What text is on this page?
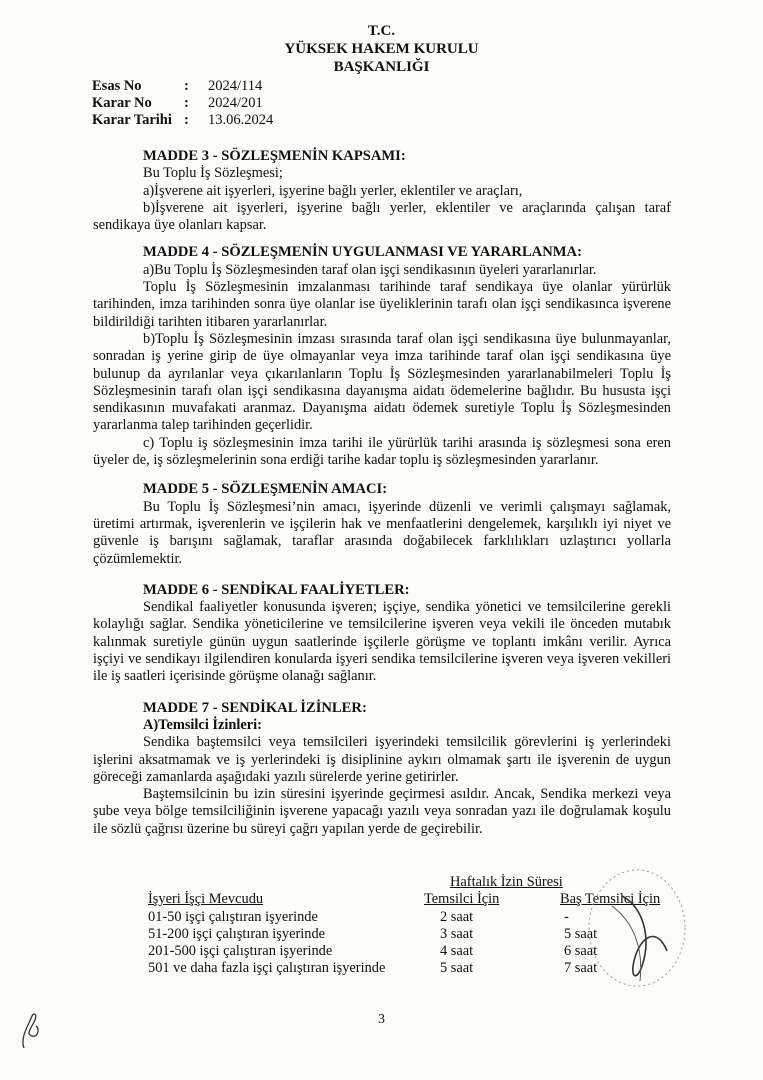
T.C.
YÜKSEK HAKEM KURULU
BAŞKANLIĞI
Esas No	:	2024/114
Karar No	:	2024/201
Karar Tarihi :	13.06.2024

MADDE 3 - SÖZLEŞMENİN KAPSAMI:

Bu Toplu İş Sözleşmesi;

a)İşverene ait işyerleri, işyerine bağlı yerler, eklentiler ve araçları,

b)İşverene ait işyerleri, işyerine bağlı yerler, eklentiler ve araçlarında çalışan taraf sendikaya üye olanları kapsar.

MADDE 4 - SÖZLEŞMENİN UYGULANMASI VE YARARLANMA:

a)Bu Toplu İş Sözleşmesinden taraf olan işçi sendikasının üyeleri yararlanırlar.

Toplu İş Sözleşmesinin imzalanması tarihinde taraf sendikaya üye olanlar yürürlük tarihinden, imza tarihinden sonra üye olanlar ise üyeliklerinin tarafı olan işçi sendikasınca işverene bildirildiği tarihten itibaren yararlanırlar.

b)Toplu İş Sözleşmesinin imzası sırasında taraf olan işçi sendikasına üye bulunmayanlar, sonradan iş yerine girip de üye olmayanlar veya imza tarihinde taraf olan işçi sendikasına üye bulunup da ayrılanlar veya çıkarılanların Toplu İş Sözleşmesinden yararlanabilmeleri Toplu İş Sözleşmesinin tarafı olan işçi sendikasına dayanışma aidatı ödemelerine bağlıdır. Bu hususta işçi sendikasının muvafakati aranmaz. Dayanışma aidatı ödemek suretiyle Toplu İş Sözleşmesinden yararlanma talep tarihinden geçerlidir.

c) Toplu iş sözleşmesinin imza tarihi ile yürürlük tarihi arasında iş sözleşmesi sona eren üyeler de, iş sözleşmelerinin sona erdiği tarihe kadar toplu iş sözleşmesinden yararlanır.

MADDE 5 - SÖZLEŞMENİN AMACI:

Bu Toplu İş Sözleşmesi’nin amacı, işyerinde düzenli ve verimli çalışmayı sağlamak, üretimi artırmak, işverenlerin ve işçilerin hak ve menfaatlerini dengelemek, karşılıklı iyi niyet ve güvenle iş barışını sağlamak, taraflar arasında doğabilecek farklılıkları uzlaştırıcı yollarla çözümlemektir.

MADDE 6 - SENDİKAL FAALİYETLER:

Sendikal faaliyetler konusunda işveren; işçiye, sendika yönetici ve temsilcilerine gerekli kolaylığı sağlar. Sendika yöneticilerine ve temsilcilerine işveren veya vekili ile önceden mutabık kalınmak suretiyle günün uygun saatlerinde işçilerle görüşme ve toplantı imkânı verilir. Ayrıca işçiyi ve sendikayı ilgilendiren konularda işyeri sendika temsilcilerine işveren veya işveren vekilleri ile iş saatleri içerisinde görüşme olanağı sağlanır.

MADDE 7 - SENDİKAL İZİNLER:

A)Temsilci İzinleri:

Sendika baştemsilci veya temsilcileri işyerindeki temsilcilik görevlerini iş yerlerindeki işlerini aksatmamak ve iş yerlerindeki iş disiplinine aykırı olmamak şartı ile işverenin de uygun göreceği zamanlarda aşağıdaki yazılı sürelerde yerine getirirler.

Baştemsilcinin bu izin süresini işyerinde geçirmesi asıldır. Ancak, Sendika merkezi veya şube veya bölge temsilciliğinin işverene yapacağı yazılı veya sonradan yazı ile doğrulamak koşulu ile sözlü çağrısı üzerine bu süreyi çağrı yapılan yerde de geçirebilir.

	Haftalık İzin Süresi	
İşyeri İşçi Mevcudu	Temsilci İçin	Baş Temsilci İçin
01-50 işçi çalıştıran işyerinde	2 saat	-
51-200 işçi çalıştıran işyerinde	3 saat	5 saat
201-500 işçi çalıştıran işyerinde	4 saat	6 saat
501 ve daha fazla işçi çalıştıran işyerinde	5 saat	7 saat
3
